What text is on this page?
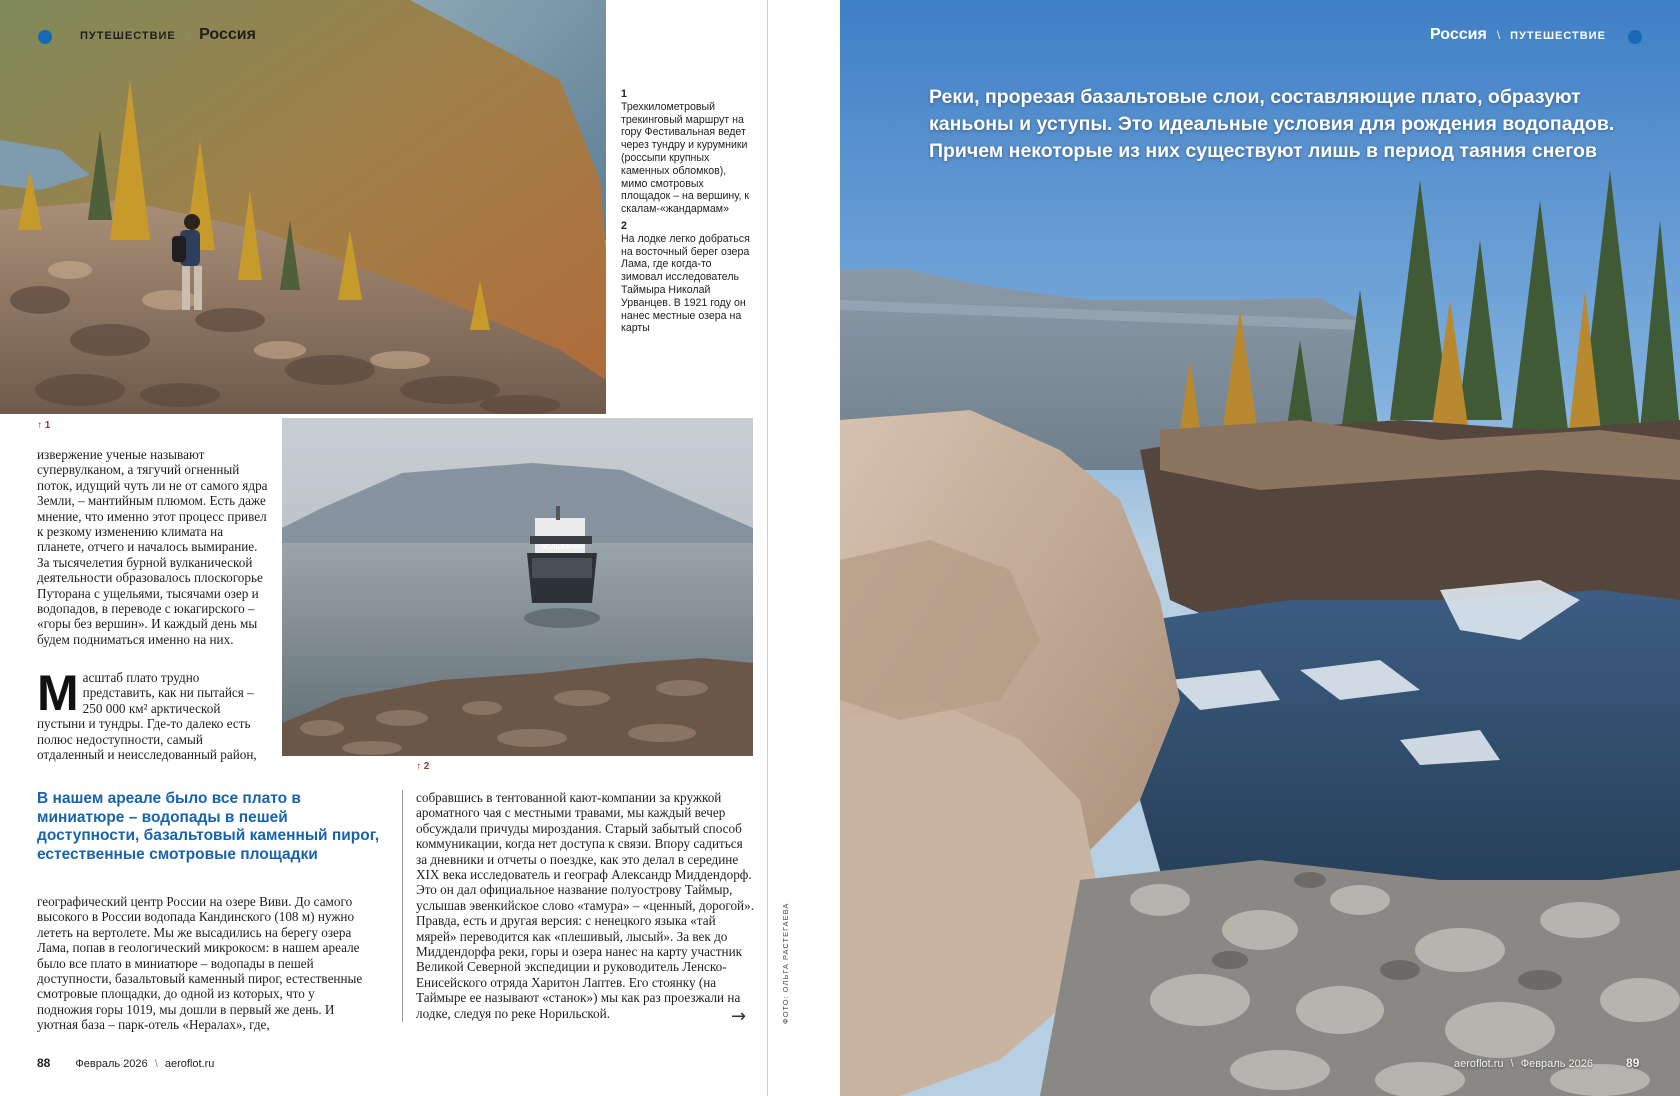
ПУТЕШЕСТВИЕ \ Россия
1
Трехкилометровый трекинговый маршрут на гору Фестивальная ведет через тундру и курумники (россыпи крупных каменных обломков), мимо смотровых площадок – на вершину, к скалам-«жандармам»
2
На лодке легко добраться на восточный берег озера Лама, где когда-то зимовал исследователь Таймыра Николай Урванцев. В 1921 году он нанес местные озера на карты
↑ 1
ВОЛШЕБНИК
извержение ученые называют супервулканом, а тягучий огненный поток, идущий чуть ли не от самого ядра Земли, – мантийным плюмом. Есть даже мнение, что именно этот процесс привел к резкому изменению климата на планете, отчего и началось вымирание. За тысячелетия бурной вулканической деятельности образовалось плоскогорье Путорана с ущельями, тысячами озер и водопадов, в переводе с юкагирского – «горы без вершин». И каждый день мы будем подниматься именно на них.
М асштаб плато трудно представить, как ни пытайся – 250 000 км² арктической пустыни и тундры. Где-то далеко есть полюс недоступности, самый отдаленный и неисследованный район,
↑ 2
В нашем ареале было все плато в миниатюре – водопады в пешей доступности, базальтовый каменный пирог, естественные смотровые площадки
географический центр России на озере Виви. До самого высокого в России водопада Кандинского (108 м) нужно лететь на вертолете. Мы же высадились на берегу озера Лама, попав в геологический микрокосм: в нашем ареале было все плато в миниатюре – водопады в пешей доступности, базальтовый каменный пирог, естественные смотровые площадки, до одной из которых, что у подножия горы 1019, мы дошли в первый же день. И уютная база – парк-отель «Нералах», где,
собравшись в тентованной кают-компании за кружкой ароматного чая с местными травами, мы каждый вечер обсуждали причуды мироздания. Старый забытый способ коммуникации, когда нет доступа к связи. Впору садиться за дневники и отчеты о поездке, как это делал в середине XIX века исследователь и географ Александр Миддендорф. Это он дал официальное название полуострову Таймыр, услышав эвенкийское слово «тамура» – «ценный, дорогой». Правда, есть и другая версия: с ненецкого языка «тай мярей» переводится как «плешивый, лысый». За век до Миддендорфа реки, горы и озера нанес на карту участник Великой Северной экспедиции и руководитель Ленско-Енисейского отряда Харитон Лаптев. Его стоянку (на Таймыре ее называют «станок») мы как раз проезжали на лодке, следуя по реке Норильской.	→	ФОТО: ОЛЬГА РАСТЕГАЕВА
88 Февраль 2026 \ aeroflot.ru
Россия \ ПУТЕШЕСТВИЕ
Реки, прорезая базальтовые слои, составляющие плато, образуют
каньоны и уступы. Это идеальные условия для рождения водопадов.
Причем некоторые из них существуют лишь в период таяния снегов
aeroflot.ru \ Февраль 2026	89
